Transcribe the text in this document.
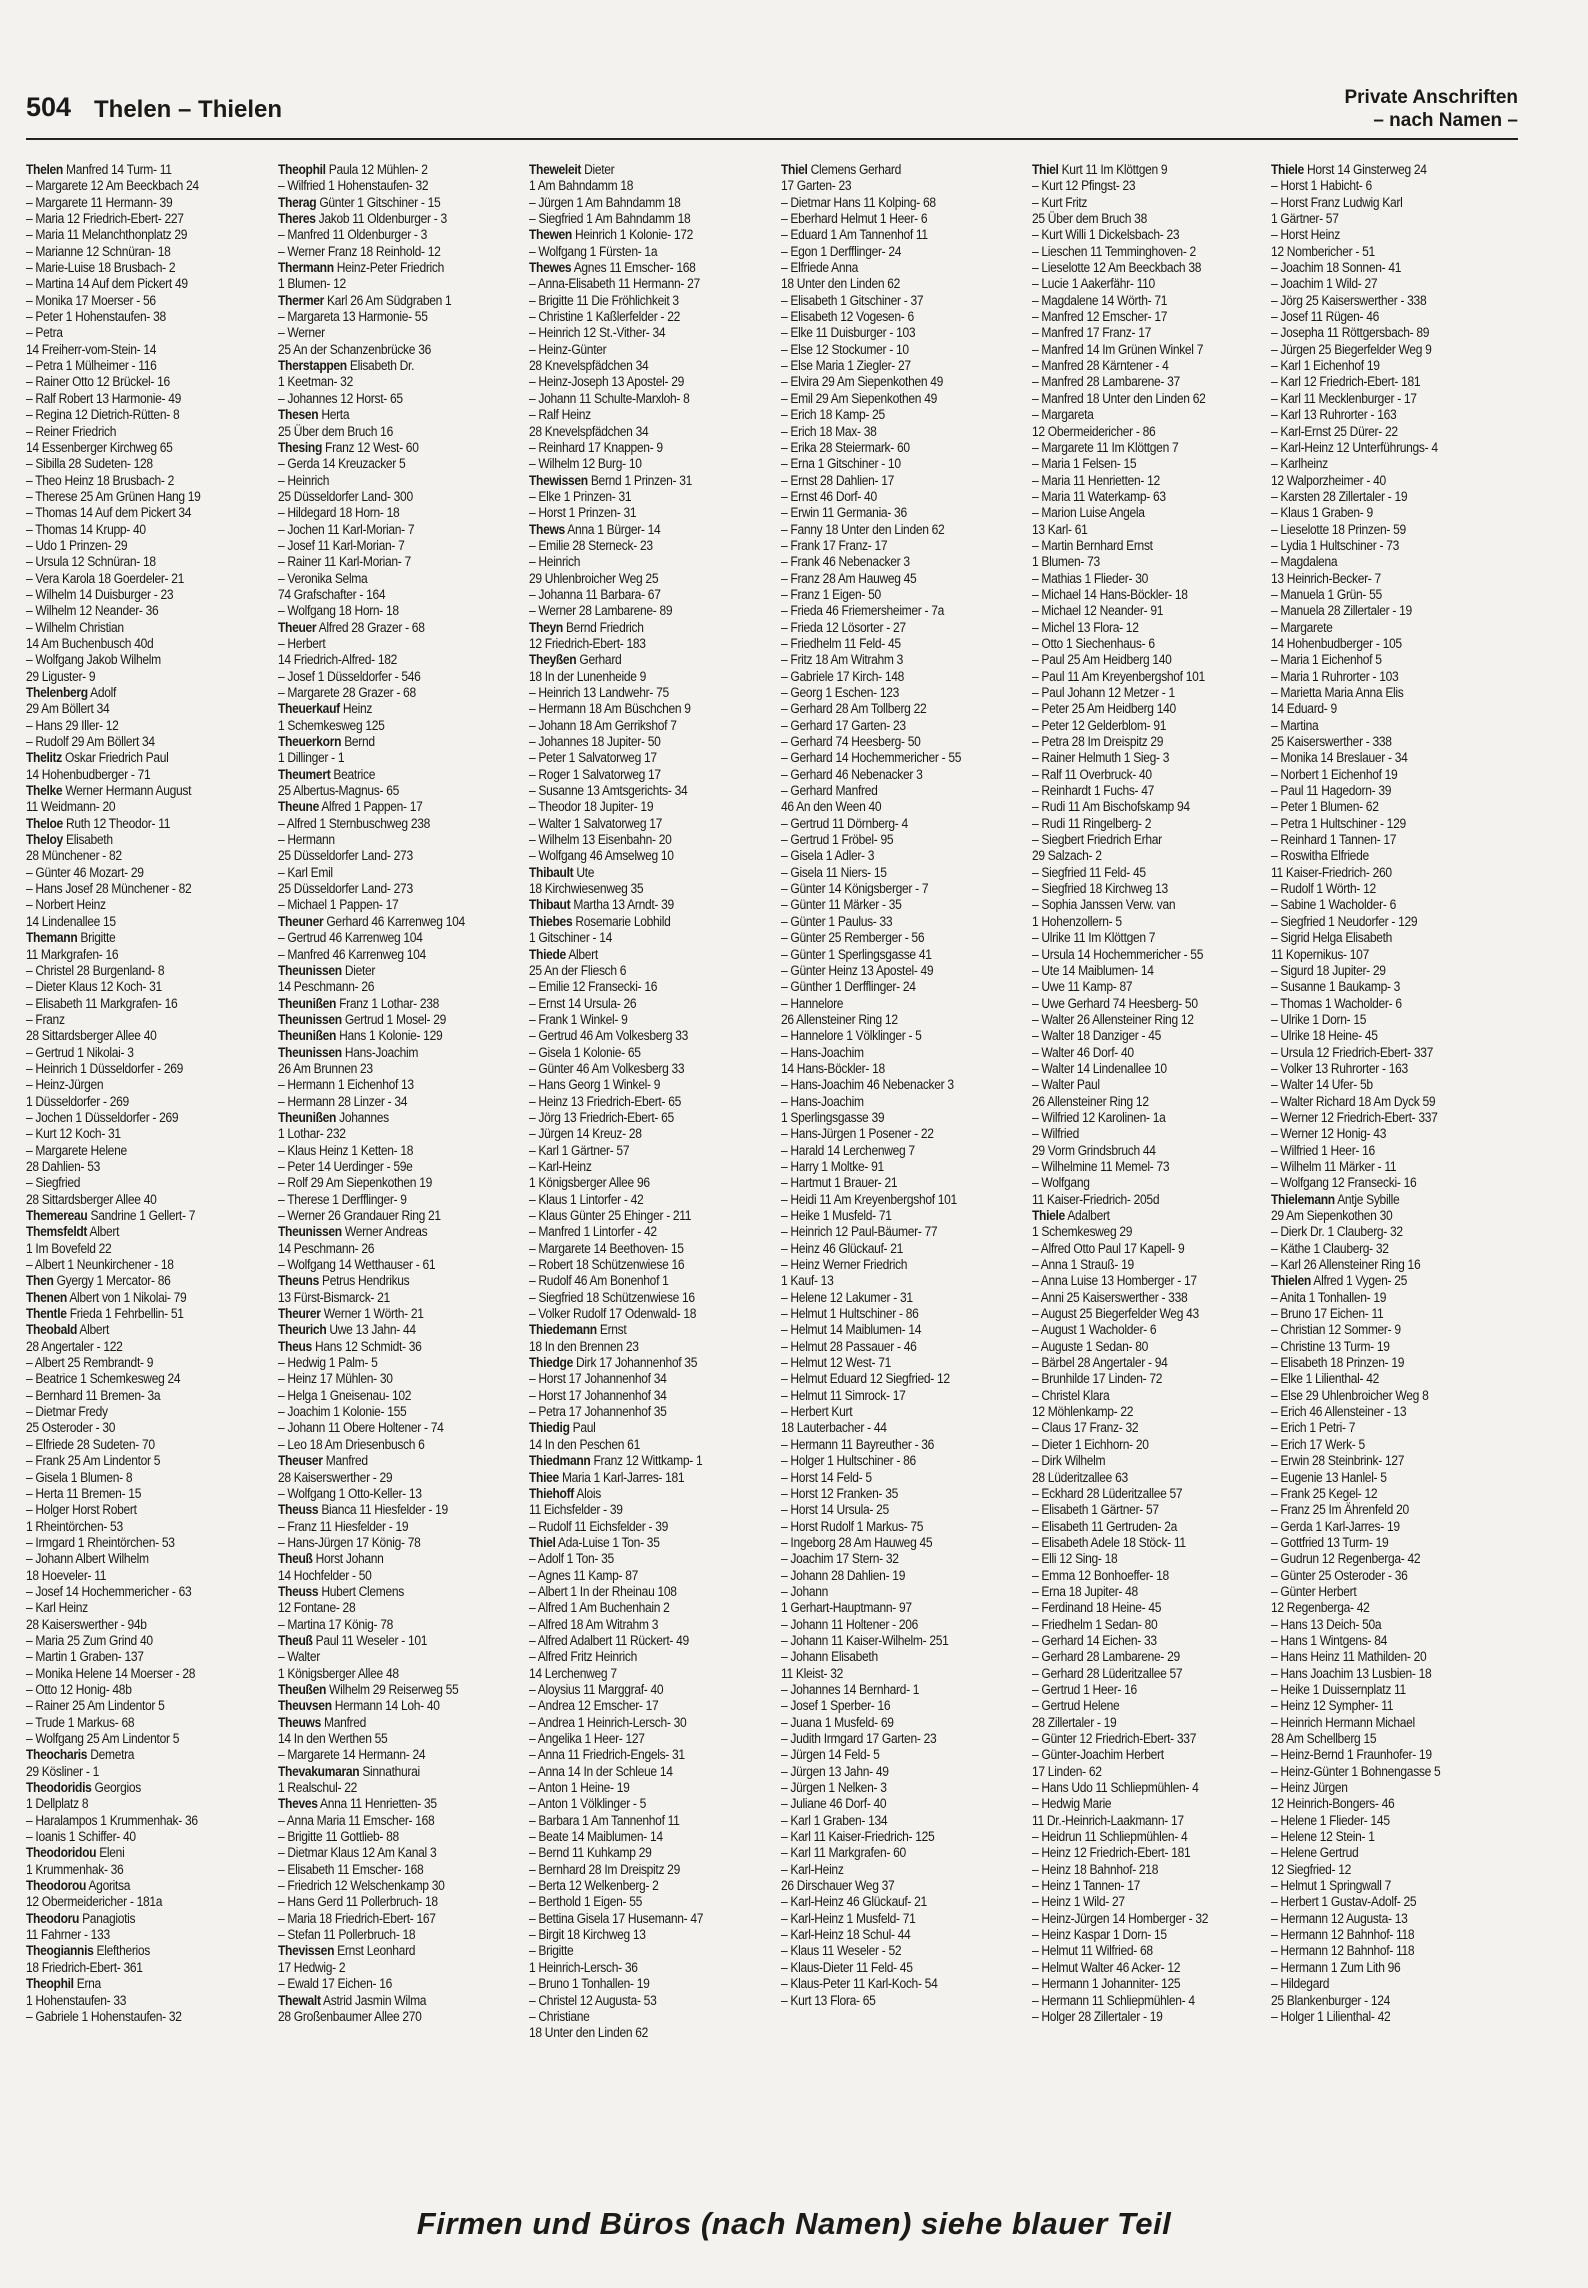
504 Thelen – Thielen	Private Anschriften
– nach Namen –
Thelen Manfred 14 Turm- 11
– Margarete 12 Am Beeckbach 24
– Margarete 11 Hermann- 39
– Maria 12 Friedrich-Ebert- 227
– Maria 11 Melanchthonplatz 29
– Marianne 12 Schnüran- 18
– Marie-Luise 18 Brusbach- 2
– Martina 14 Auf dem Pickert 49
– Monika 17 Moerser - 56
– Peter 1 Hohenstaufen- 38
– Petra
14 Freiherr-vom-Stein- 14
– Petra 1 Mülheimer - 116
– Rainer Otto 12 Brückel- 16
– Ralf Robert 13 Harmonie- 49
– Regina 12 Dietrich-Rütten- 8
– Reiner Friedrich
14 Essenberger Kirchweg 65
– Sibilla 28 Sudeten- 128
– Theo Heinz 18 Brusbach- 2
– Therese 25 Am Grünen Hang 19
– Thomas 14 Auf dem Pickert 34
– Thomas 14 Krupp- 40
– Udo 1 Prinzen- 29
– Ursula 12 Schnüran- 18
– Vera Karola 18 Goerdeler- 21
– Wilhelm 14 Duisburger - 23
– Wilhelm 12 Neander- 36
– Wilhelm Christian
14 Am Buchenbusch 40d
– Wolfgang Jakob Wilhelm
29 Liguster- 9
Thelenberg Adolf
29 Am Böllert 34
– Hans 29 Iller- 12
– Rudolf 29 Am Böllert 34
Thelitz Oskar Friedrich Paul
14 Hohenbudberger - 71
Thelke Werner Hermann August
11 Weidmann- 20
Theloe Ruth 12 Theodor- 11
Theloy Elisabeth
28 Münchener - 82
– Günter 46 Mozart- 29
– Hans Josef 28 Münchener - 82
– Norbert Heinz
14 Lindenallee 15
Themann Brigitte
11 Markgrafen- 16
– Christel 28 Burgenland- 8
– Dieter Klaus 12 Koch- 31
– Elisabeth 11 Markgrafen- 16
– Franz
28 Sittardsberger Allee 40
– Gertrud 1 Nikolai- 3
– Heinrich 1 Düsseldorfer - 269
– Heinz-Jürgen
1 Düsseldorfer - 269
– Jochen 1 Düsseldorfer - 269
– Kurt 12 Koch- 31
– Margarete Helene
28 Dahlien- 53
– Siegfried
28 Sittardsberger Allee 40
Themereau Sandrine 1 Gellert- 7
Themsfeldt Albert
1 Im Bovefeld 22
– Albert 1 Neunkirchener - 18
Then Gyergy 1 Mercator- 86
Thenen Albert von 1 Nikolai- 79
Thentle Frieda 1 Fehrbellin- 51
Theobald Albert
28 Angertaler - 122
– Albert 25 Rembrandt- 9
– Beatrice 1 Schemkesweg 24
– Bernhard 11 Bremen- 3a
– Dietmar Fredy
25 Osteroder - 30
– Elfriede 28 Sudeten- 70
– Frank 25 Am Lindentor 5
– Gisela 1 Blumen- 8
– Herta 11 Bremen- 15
– Holger Horst Robert
1 Rheintörchen- 53
– Irmgard 1 Rheintörchen- 53
– Johann Albert Wilhelm
18 Hoeveler- 11
– Josef 14 Hochemmericher - 63
– Karl Heinz
28 Kaiserswerther - 94b
– Maria 25 Zum Grind 40
– Martin 1 Graben- 137
– Monika Helene 14 Moerser - 28
– Otto 12 Honig- 48b
– Rainer 25 Am Lindentor 5
– Trude 1 Markus- 68
– Wolfgang 25 Am Lindentor 5
Theocharis Demetra
29 Kösliner - 1
Theodoridis Georgios
1 Dellplatz 8
– Haralampos 1 Krummenhak- 36
– Ioanis 1 Schiffer- 40
Theodoridou Eleni
1 Krummenhak- 36
Theodorou Agoritsa
12 Obermeidericher - 181a
Theodoru Panagiotis
11 Fahrner - 133
Theogiannis Eleftherios
18 Friedrich-Ebert- 361
Theophil Erna
1 Hohenstaufen- 33
– Gabriele 1 Hohenstaufen- 32
Theophil Paula 12 Mühlen- 2
– Wilfried 1 Hohenstaufen- 32
Therag Günter 1 Gitschiner - 15
Theres Jakob 11 Oldenburger - 3
– Manfred 11 Oldenburger - 3
– Werner Franz 18 Reinhold- 12
Thermann Heinz-Peter Friedrich
1 Blumen- 12
Thermer Karl 26 Am Südgraben 1
– Margareta 13 Harmonie- 55
– Werner
25 An der Schanzenbrücke 36
Therstappen Elisabeth Dr.
1 Keetman- 32
– Johannes 12 Horst- 65
Thesen Herta
25 Über dem Bruch 16
Thesing Franz 12 West- 60
– Gerda 14 Kreuzacker 5
– Heinrich
25 Düsseldorfer Land- 300
– Hildegard 18 Horn- 18
– Jochen 11 Karl-Morian- 7
– Josef 11 Karl-Morian- 7
– Rainer 11 Karl-Morian- 7
– Veronika Selma
74 Grafschafter - 164
– Wolfgang 18 Horn- 18
Theuer Alfred 28 Grazer - 68
– Herbert
14 Friedrich-Alfred- 182
– Josef 1 Düsseldorfer - 546
– Margarete 28 Grazer - 68
Theuerkauf Heinz
1 Schemkesweg 125
Theuerkorn Bernd
1 Dillinger - 1
Theumert Beatrice
25 Albertus-Magnus- 65
Theune Alfred 1 Pappen- 17
– Alfred 1 Sternbuschweg 238
– Hermann
25 Düsseldorfer Land- 273
– Karl Emil
25 Düsseldorfer Land- 273
– Michael 1 Pappen- 17
Theuner Gerhard 46 Karrenweg 104
– Gertrud 46 Karrenweg 104
– Manfred 46 Karrenweg 104
Theunissen Dieter
14 Peschmann- 26
Theunißen Franz 1 Lothar- 238
Theunissen Gertrud 1 Mosel- 29
Theunißen Hans 1 Kolonie- 129
Theunissen Hans-Joachim
26 Am Brunnen 23
– Hermann 1 Eichenhof 13
– Hermann 28 Linzer - 34
Theunißen Johannes
1 Lothar- 232
– Klaus Heinz 1 Ketten- 18
– Peter 14 Uerdinger - 59e
– Rolf 29 Am Siepenkothen 19
– Therese 1 Derfflinger- 9
– Werner 26 Grandauer Ring 21
Theunissen Werner Andreas
14 Peschmann- 26
– Wolfgang 14 Wetthauser - 61
Theuns Petrus Hendrikus
13 Fürst-Bismarck- 21
Theurer Werner 1 Wörth- 21
Theurich Uwe 13 Jahn- 44
Theus Hans 12 Schmidt- 36
– Hedwig 1 Palm- 5
– Heinz 17 Mühlen- 30
– Helga 1 Gneisenau- 102
– Joachim 1 Kolonie- 155
– Johann 11 Obere Holtener - 74
– Leo 18 Am Driesenbusch 6
Theuser Manfred
28 Kaiserswerther - 29
– Wolfgang 1 Otto-Keller- 13
Theuss Bianca 11 Hiesfelder - 19
– Franz 11 Hiesfelder - 19
– Hans-Jürgen 17 König- 78
Theuß Horst Johann
14 Hochfelder - 50
Theuss Hubert Clemens
12 Fontane- 28
– Martina 17 König- 78
Theuß Paul 11 Weseler - 101
– Walter
1 Königsberger Allee 48
Theußen Wilhelm 29 Reiserweg 55
Theuvsen Hermann 14 Loh- 40
Theuws Manfred
14 In den Werthen 55
– Margarete 14 Hermann- 24
Thevakumaran Sinnathurai
1 Realschul- 22
Theves Anna 11 Henrietten- 35
– Anna Maria 11 Emscher- 168
– Brigitte 11 Gottlieb- 88
– Dietmar Klaus 12 Am Kanal 3
– Elisabeth 11 Emscher- 168
– Friedrich 12 Welschenkamp 30
– Hans Gerd 11 Pollerbruch- 18
– Maria 18 Friedrich-Ebert- 167
– Stefan 11 Pollerbruch- 18
Thevissen Ernst Leonhard
17 Hedwig- 2
– Ewald 17 Eichen- 16
Thewalt Astrid Jasmin Wilma
28 Großenbaumer Allee 270
Theweleit Dieter
1 Am Bahndamm 18
– Jürgen 1 Am Bahndamm 18
– Siegfried 1 Am Bahndamm 18
Thewen Heinrich 1 Kolonie- 172
– Wolfgang 1 Fürsten- 1a
Thewes Agnes 11 Emscher- 168
– Anna-Elisabeth 11 Hermann- 27
– Brigitte 11 Die Fröhlichkeit 3
– Christine 1 Kaßlerfelder - 22
– Heinrich 12 St.-Vither- 34
– Heinz-Günter
28 Knevelspfädchen 34
– Heinz-Joseph 13 Apostel- 29
– Johann 11 Schulte-Marxloh- 8
– Ralf Heinz
28 Knevelspfädchen 34
– Reinhard 17 Knappen- 9
– Wilhelm 12 Burg- 10
Thewissen Bernd 1 Prinzen- 31
– Elke 1 Prinzen- 31
– Horst 1 Prinzen- 31
Thews Anna 1 Bürger- 14
– Emilie 28 Sterneck- 23
– Heinrich
29 Uhlenbroicher Weg 25
– Johanna 11 Barbara- 67
– Werner 28 Lambarene- 89
Theyn Bernd Friedrich
12 Friedrich-Ebert- 183
Theyßen Gerhard
18 In der Lunenheide 9
– Heinrich 13 Landwehr- 75
– Hermann 18 Am Büschchen 9
– Johann 18 Am Gerrikshof 7
– Johannes 18 Jupiter- 50
– Peter 1 Salvatorweg 17
– Roger 1 Salvatorweg 17
– Susanne 13 Amtsgerichts- 34
– Theodor 18 Jupiter- 19
– Walter 1 Salvatorweg 17
– Wilhelm 13 Eisenbahn- 20
– Wolfgang 46 Amselweg 10
Thibault Ute
18 Kirchwiesenweg 35
Thibaut Martha 13 Arndt- 39
Thiebes Rosemarie Lobhild
1 Gitschiner - 14
Thiede Albert
25 An der Fliesch 6
– Emilie 12 Fransecki- 16
– Ernst 14 Ursula- 26
– Frank 1 Winkel- 9
– Gertrud 46 Am Volkesberg 33
– Gisela 1 Kolonie- 65
– Günter 46 Am Volkesberg 33
– Hans Georg 1 Winkel- 9
– Heinz 13 Friedrich-Ebert- 65
– Jörg 13 Friedrich-Ebert- 65
– Jürgen 14 Kreuz- 28
– Karl 1 Gärtner- 57
– Karl-Heinz
1 Königsberger Allee 96
– Klaus 1 Lintorfer - 42
– Klaus Günter 25 Ehinger - 211
– Manfred 1 Lintorfer - 42
– Margarete 14 Beethoven- 15
– Robert 18 Schützenwiese 16
– Rudolf 46 Am Bonenhof 1
– Siegfried 18 Schützenwiese 16
– Volker Rudolf 17 Odenwald- 18
Thiedemann Ernst
18 In den Brennen 23
Thiedge Dirk 17 Johannenhof 35
– Horst 17 Johannenhof 34
– Horst 17 Johannenhof 34
– Petra 17 Johannenhof 35
Thiedig Paul
14 In den Peschen 61
Thiedmann Franz 12 Wittkamp- 1
Thiee Maria 1 Karl-Jarres- 181
Thiehoff Alois
11 Eichsfelder - 39
– Rudolf 11 Eichsfelder - 39
Thiel Ada-Luise 1 Ton- 35
– Adolf 1 Ton- 35
– Agnes 11 Kamp- 87
– Albert 1 In der Rheinau 108
– Alfred 1 Am Buchenhain 2
– Alfred 18 Am Witrahm 3
– Alfred Adalbert 11 Rückert- 49
– Alfred Fritz Heinrich
14 Lerchenweg 7
– Aloysius 11 Marggraf- 40
– Andrea 12 Emscher- 17
– Andrea 1 Heinrich-Lersch- 30
– Angelika 1 Heer- 127
– Anna 11 Friedrich-Engels- 31
– Anna 14 In der Schleue 14
– Anton 1 Heine- 19
– Anton 1 Völklinger - 5
– Barbara 1 Am Tannenhof 11
– Beate 14 Maiblumen- 14
– Bernd 11 Kuhkamp 29
– Bernhard 28 Im Dreispitz 29
– Berta 12 Welkenberg- 2
– Berthold 1 Eigen- 55
– Bettina Gisela 17 Husemann- 47
– Birgit 18 Kirchweg 13
– Brigitte
1 Heinrich-Lersch- 36
– Bruno 1 Tonhallen- 19
– Christel 12 Augusta- 53
– Christiane
18 Unter den Linden 62
Thiel Clemens Gerhard
17 Garten- 23
– Dietmar Hans 11 Kolping- 68
– Eberhard Helmut 1 Heer- 6
– Eduard 1 Am Tannenhof 11
– Egon 1 Derfflinger- 24
– Elfriede Anna
18 Unter den Linden 62
– Elisabeth 1 Gitschiner - 37
– Elisabeth 12 Vogesen- 6
– Elke 11 Duisburger - 103
– Else 12 Stockumer - 10
– Else Maria 1 Ziegler- 27
– Elvira 29 Am Siepenkothen 49
– Emil 29 Am Siepenkothen 49
– Erich 18 Kamp- 25
– Erich 18 Max- 38
– Erika 28 Steiermark- 60
– Erna 1 Gitschiner - 10
– Ernst 28 Dahlien- 17
– Ernst 46 Dorf- 40
– Erwin 11 Germania- 36
– Fanny 18 Unter den Linden 62
– Frank 17 Franz- 17
– Frank 46 Nebenacker 3
– Franz 28 Am Hauweg 45
– Franz 1 Eigen- 50
– Frieda 46 Friemersheimer - 7a
– Frieda 12 Lösorter - 27
– Friedhelm 11 Feld- 45
– Fritz 18 Am Witrahm 3
– Gabriele 17 Kirch- 148
– Georg 1 Eschen- 123
– Gerhard 28 Am Tollberg 22
– Gerhard 17 Garten- 23
– Gerhard 74 Heesberg- 50
– Gerhard 14 Hochemmericher - 55
– Gerhard 46 Nebenacker 3
– Gerhard Manfred
46 An den Ween 40
– Gertrud 11 Dörnberg- 4
– Gertrud 1 Fröbel- 95
– Gisela 1 Adler- 3
– Gisela 11 Niers- 15
– Günter 14 Königsberger - 7
– Günter 11 Märker - 35
– Günter 1 Paulus- 33
– Günter 25 Remberger - 56
– Günter 1 Sperlingsgasse 41
– Günter Heinz 13 Apostel- 49
– Günther 1 Derfflinger- 24
– Hannelore
26 Allensteiner Ring 12
– Hannelore 1 Völklinger - 5
– Hans-Joachim
14 Hans-Böckler- 18
– Hans-Joachim 46 Nebenacker 3
– Hans-Joachim
1 Sperlingsgasse 39
– Hans-Jürgen 1 Posener - 22
– Harald 14 Lerchenweg 7
– Harry 1 Moltke- 91
– Hartmut 1 Brauer- 21
– Heidi 11 Am Kreyenbergshof 101
– Heike 1 Musfeld- 71
– Heinrich 12 Paul-Bäumer- 77
– Heinz 46 Glückauf- 21
– Heinz Werner Friedrich
1 Kauf- 13
– Helene 12 Lakumer - 31
– Helmut 1 Hultschiner - 86
– Helmut 14 Maiblumen- 14
– Helmut 28 Passauer - 46
– Helmut 12 West- 71
– Helmut Eduard 12 Siegfried- 12
– Helmut 11 Simrock- 17
– Herbert Kurt
18 Lauterbacher - 44
– Hermann 11 Bayreuther - 36
– Holger 1 Hultschiner - 86
– Horst 14 Feld- 5
– Horst 12 Franken- 35
– Horst 14 Ursula- 25
– Horst Rudolf 1 Markus- 75
– Ingeborg 28 Am Hauweg 45
– Joachim 17 Stern- 32
– Johann 28 Dahlien- 19
– Johann
1 Gerhart-Hauptmann- 97
– Johann 11 Holtener - 206
– Johann 11 Kaiser-Wilhelm- 251
– Johann Elisabeth
11 Kleist- 32
– Johannes 14 Bernhard- 1
– Josef 1 Sperber- 16
– Juana 1 Musfeld- 69
– Judith Irmgard 17 Garten- 23
– Jürgen 14 Feld- 5
– Jürgen 13 Jahn- 49
– Jürgen 1 Nelken- 3
– Juliane 46 Dorf- 40
– Karl 1 Graben- 134
– Karl 11 Kaiser-Friedrich- 125
– Karl 11 Markgrafen- 60
– Karl-Heinz
26 Dirschauer Weg 37
– Karl-Heinz 46 Glückauf- 21
– Karl-Heinz 1 Musfeld- 71
– Karl-Heinz 18 Schul- 44
– Klaus 11 Weseler - 52
– Klaus-Dieter 11 Feld- 45
– Klaus-Peter 11 Karl-Koch- 54
– Kurt 13 Flora- 65
Thiel Kurt 11 Im Klöttgen 9
– Kurt 12 Pfingst- 23
– Kurt Fritz
25 Über dem Bruch 38
– Kurt Willi 1 Dickelsbach- 23
– Lieschen 11 Temminghoven- 2
– Lieselotte 12 Am Beeckbach 38
– Lucie 1 Aakerfähr- 110
– Magdalene 14 Wörth- 71
– Manfred 12 Emscher- 17
– Manfred 17 Franz- 17
– Manfred 14 Im Grünen Winkel 7
– Manfred 28 Kärntener - 4
– Manfred 28 Lambarene- 37
– Manfred 18 Unter den Linden 62
– Margareta
12 Obermeidericher - 86
– Margarete 11 Im Klöttgen 7
– Maria 1 Felsen- 15
– Maria 11 Henrietten- 12
– Maria 11 Waterkamp- 63
– Marion Luise Angela
13 Karl- 61
– Martin Bernhard Ernst
1 Blumen- 73
– Mathias 1 Flieder- 30
– Michael 14 Hans-Böckler- 18
– Michael 12 Neander- 91
– Michel 13 Flora- 12
– Otto 1 Siechenhaus- 6
– Paul 25 Am Heidberg 140
– Paul 11 Am Kreyenbergshof 101
– Paul Johann 12 Metzer - 1
– Peter 25 Am Heidberg 140
– Peter 12 Gelderblom- 91
– Petra 28 Im Dreispitz 29
– Rainer Helmuth 1 Sieg- 3
– Ralf 11 Overbruck- 40
– Reinhardt 1 Fuchs- 47
– Rudi 11 Am Bischofskamp 94
– Rudi 11 Ringelberg- 2
– Siegbert Friedrich Erhar
29 Salzach- 2
– Siegfried 11 Feld- 45
– Siegfried 18 Kirchweg 13
– Sophia Janssen Verw. van
1 Hohenzollern- 5
– Ulrike 11 Im Klöttgen 7
– Ursula 14 Hochemmericher - 55
– Ute 14 Maiblumen- 14
– Uwe 11 Kamp- 87
– Uwe Gerhard 74 Heesberg- 50
– Walter 26 Allensteiner Ring 12
– Walter 18 Danziger - 45
– Walter 46 Dorf- 40
– Walter 14 Lindenallee 10
– Walter Paul
26 Allensteiner Ring 12
– Wilfried 12 Karolinen- 1a
– Wilfried
29 Vorm Grindsbruch 44
– Wilhelmine 11 Memel- 73
– Wolfgang
11 Kaiser-Friedrich- 205d
Thiele Adalbert
1 Schemkesweg 29
– Alfred Otto Paul 17 Kapell- 9
– Anna 1 Strauß- 19
– Anna Luise 13 Homberger - 17
– Anni 25 Kaiserswerther - 338
– August 25 Biegerfelder Weg 43
– August 1 Wacholder- 6
– Auguste 1 Sedan- 80
– Bärbel 28 Angertaler - 94
– Brunhilde 17 Linden- 72
– Christel Klara
12 Möhlenkamp- 22
– Claus 17 Franz- 32
– Dieter 1 Eichhorn- 20
– Dirk Wilhelm
28 Lüderitzallee 63
– Eckhard 28 Lüderitzallee 57
– Elisabeth 1 Gärtner- 57
– Elisabeth 11 Gertruden- 2a
– Elisabeth Adele 18 Stöck- 11
– Elli 12 Sing- 18
– Emma 12 Bonhoeffer- 18
– Erna 18 Jupiter- 48
– Ferdinand 18 Heine- 45
– Friedhelm 1 Sedan- 80
– Gerhard 14 Eichen- 33
– Gerhard 28 Lambarene- 29
– Gerhard 28 Lüderitzallee 57
– Gertrud 1 Heer- 16
– Gertrud Helene
28 Zillertaler - 19
– Günter 12 Friedrich-Ebert- 337
– Günter-Joachim Herbert
17 Linden- 62
– Hans Udo 11 Schliepmühlen- 4
– Hedwig Marie
11 Dr.-Heinrich-Laakmann- 17
– Heidrun 11 Schliepmühlen- 4
– Heinz 12 Friedrich-Ebert- 181
– Heinz 18 Bahnhof- 218
– Heinz 1 Tannen- 17
– Heinz 1 Wild- 27
– Heinz-Jürgen 14 Homberger - 32
– Heinz Kaspar 1 Dorn- 15
– Helmut 11 Wilfried- 68
– Helmut Walter 46 Acker- 12
– Hermann 1 Johanniter- 125
– Hermann 11 Schliepmühlen- 4
– Holger 28 Zillertaler - 19
Thiele Horst 14 Ginsterweg 24
– Horst 1 Habicht- 6
– Horst Franz Ludwig Karl
1 Gärtner- 57
– Horst Heinz
12 Nombericher - 51
– Joachim 18 Sonnen- 41
– Joachim 1 Wild- 27
– Jörg 25 Kaiserswerther - 338
– Josef 11 Rügen- 46
– Josepha 11 Röttgersbach- 89
– Jürgen 25 Biegerfelder Weg 9
– Karl 1 Eichenhof 19
– Karl 12 Friedrich-Ebert- 181
– Karl 11 Mecklenburger - 17
– Karl 13 Ruhrorter - 163
– Karl-Ernst 25 Dürer- 22
– Karl-Heinz 12 Unterführungs- 4
– Karlheinz
12 Walporzheimer - 40
– Karsten 28 Zillertaler - 19
– Klaus 1 Graben- 9
– Lieselotte 18 Prinzen- 59
– Lydia 1 Hultschiner - 73
– Magdalena
13 Heinrich-Becker- 7
– Manuela 1 Grün- 55
– Manuela 28 Zillertaler - 19
– Margarete
14 Hohenbudberger - 105
– Maria 1 Eichenhof 5
– Maria 1 Ruhrorter - 103
– Marietta Maria Anna Elis
14 Eduard- 9
– Martina
25 Kaiserswerther - 338
– Monika 14 Breslauer - 34
– Norbert 1 Eichenhof 19
– Paul 11 Hagedorn- 39
– Peter 1 Blumen- 62
– Petra 1 Hultschiner - 129
– Reinhard 1 Tannen- 17
– Roswitha Elfriede
11 Kaiser-Friedrich- 260
– Rudolf 1 Wörth- 12
– Sabine 1 Wacholder- 6
– Siegfried 1 Neudorfer - 129
– Sigrid Helga Elisabeth
11 Kopernikus- 107
– Sigurd 18 Jupiter- 29
– Susanne 1 Baukamp- 3
– Thomas 1 Wacholder- 6
– Ulrike 1 Dorn- 15
– Ulrike 18 Heine- 45
– Ursula 12 Friedrich-Ebert- 337
– Volker 13 Ruhrorter - 163
– Walter 14 Ufer- 5b
– Walter Richard 18 Am Dyck 59
– Werner 12 Friedrich-Ebert- 337
– Werner 12 Honig- 43
– Wilfried 1 Heer- 16
– Wilhelm 11 Märker - 11
– Wolfgang 12 Fransecki- 16
Thielemann Antje Sybille
29 Am Siepenkothen 30
– Dierk Dr. 1 Clauberg- 32
– Käthe 1 Clauberg- 32
– Karl 26 Allensteiner Ring 16
Thielen Alfred 1 Vygen- 25
– Anita 1 Tonhallen- 19
– Bruno 17 Eichen- 11
– Christian 12 Sommer- 9
– Christine 13 Turm- 19
– Elisabeth 18 Prinzen- 19
– Elke 1 Lilienthal- 42
– Else 29 Uhlenbroicher Weg 8
– Erich 46 Allensteiner - 13
– Erich 1 Petri- 7
– Erich 17 Werk- 5
– Erwin 28 Steinbrink- 127
– Eugenie 13 Hanlel- 5
– Frank 25 Kegel- 12
– Franz 25 Im Ährenfeld 20
– Gerda 1 Karl-Jarres- 19
– Gottfried 13 Turm- 19
– Gudrun 12 Regenberga- 42
– Günter 25 Osteroder - 36
– Günter Herbert
12 Regenberga- 42
– Hans 13 Deich- 50a
– Hans 1 Wintgens- 84
– Hans Heinz 11 Mathilden- 20
– Hans Joachim 13 Lusbien- 18
– Heike 1 Duissernplatz 11
– Heinz 12 Sympher- 11
– Heinrich Hermann Michael
28 Am Schellberg 15
– Heinz-Bernd 1 Fraunhofer- 19
– Heinz-Günter 1 Bohnengasse 5
– Heinz Jürgen
12 Heinrich-Bongers- 46
– Helene 1 Flieder- 145
– Helene 12 Stein- 1
– Helene Gertrud
12 Siegfried- 12
– Helmut 1 Springwall 7
– Herbert 1 Gustav-Adolf- 25
– Hermann 12 Augusta- 13
– Hermann 12 Bahnhof- 118
– Hermann 12 Bahnhof- 118
– Hermann 1 Zum Lith 96
– Hildegard
25 Blankenburger - 124
– Holger 1 Lilienthal- 42
Firmen und Büros (nach Namen) siehe blauer Teil
